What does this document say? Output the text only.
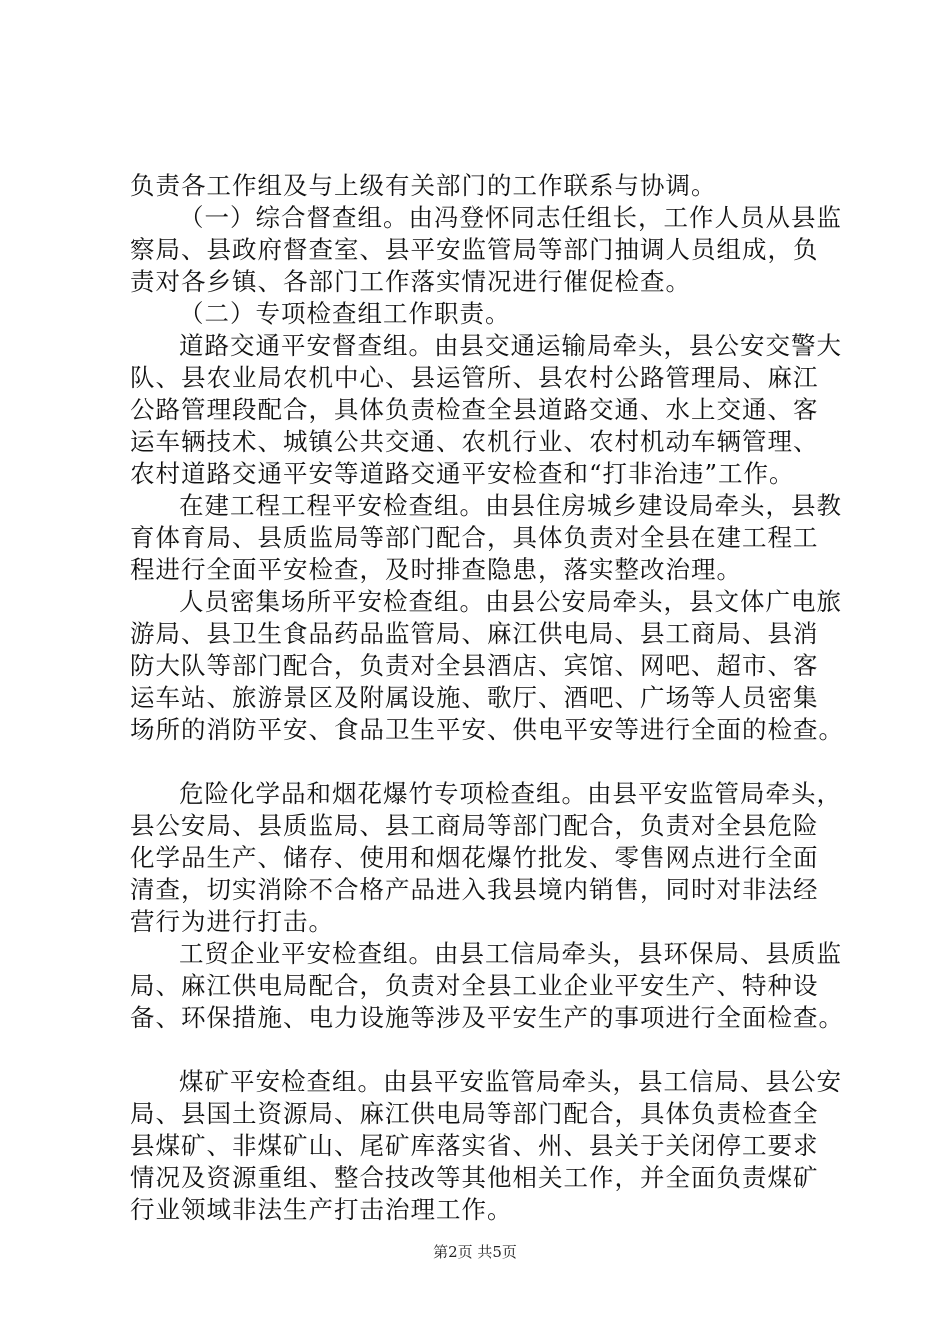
负责各工作组及与上级有关部门的工作联系与协调。
（一）综合督查组。由冯登怀同志任组长，工作人员从县监
察局、县政府督查室、县平安监管局等部门抽调人员组成，负
责对各乡镇、各部门工作落实情况进行催促检查。
（二）专项检查组工作职责。
道路交通平安督查组。由县交通运输局牵头，县公安交警大
队、县农业局农机中心、县运管所、县农村公路管理局、麻江
公路管理段配合，具体负责检查全县道路交通、水上交通、客
运车辆技术、城镇公共交通、农机行业、农村机动车辆管理、
农村道路交通平安等道路交通平安检查和“打非治违”工作。
在建工程工程平安检查组。由县住房城乡建设局牵头，县教
育体育局、县质监局等部门配合，具体负责对全县在建工程工
程进行全面平安检查，及时排查隐患，落实整改治理。
人员密集场所平安检查组。由县公安局牵头，县文体广电旅
游局、县卫生食品药品监管局、麻江供电局、县工商局、县消
防大队等部门配合，负责对全县酒店、宾馆、网吧、超市、客
运车站、旅游景区及附属设施、歌厅、酒吧、广场等人员密集
场所的消防平安、食品卫生平安、供电平安等进行全面的检查。
危险化学品和烟花爆竹专项检查组。由县平安监管局牵头，
县公安局、县质监局、县工商局等部门配合，负责对全县危险
化学品生产、储存、使用和烟花爆竹批发、零售网点进行全面
清查，切实消除不合格产品进入我县境内销售，同时对非法经
营行为进行打击。
工贸企业平安检查组。由县工信局牵头，县环保局、县质监
局、麻江供电局配合，负责对全县工业企业平安生产、特种设
备、环保措施、电力设施等涉及平安生产的事项进行全面检查。
煤矿平安检查组。由县平安监管局牵头，县工信局、县公安
局、县国土资源局、麻江供电局等部门配合，具体负责检查全
县煤矿、非煤矿山、尾矿库落实省、州、县关于关闭停工要求
情况及资源重组、整合技改等其他相关工作，并全面负责煤矿
行业领域非法生产打击治理工作。
第2页 共5页
